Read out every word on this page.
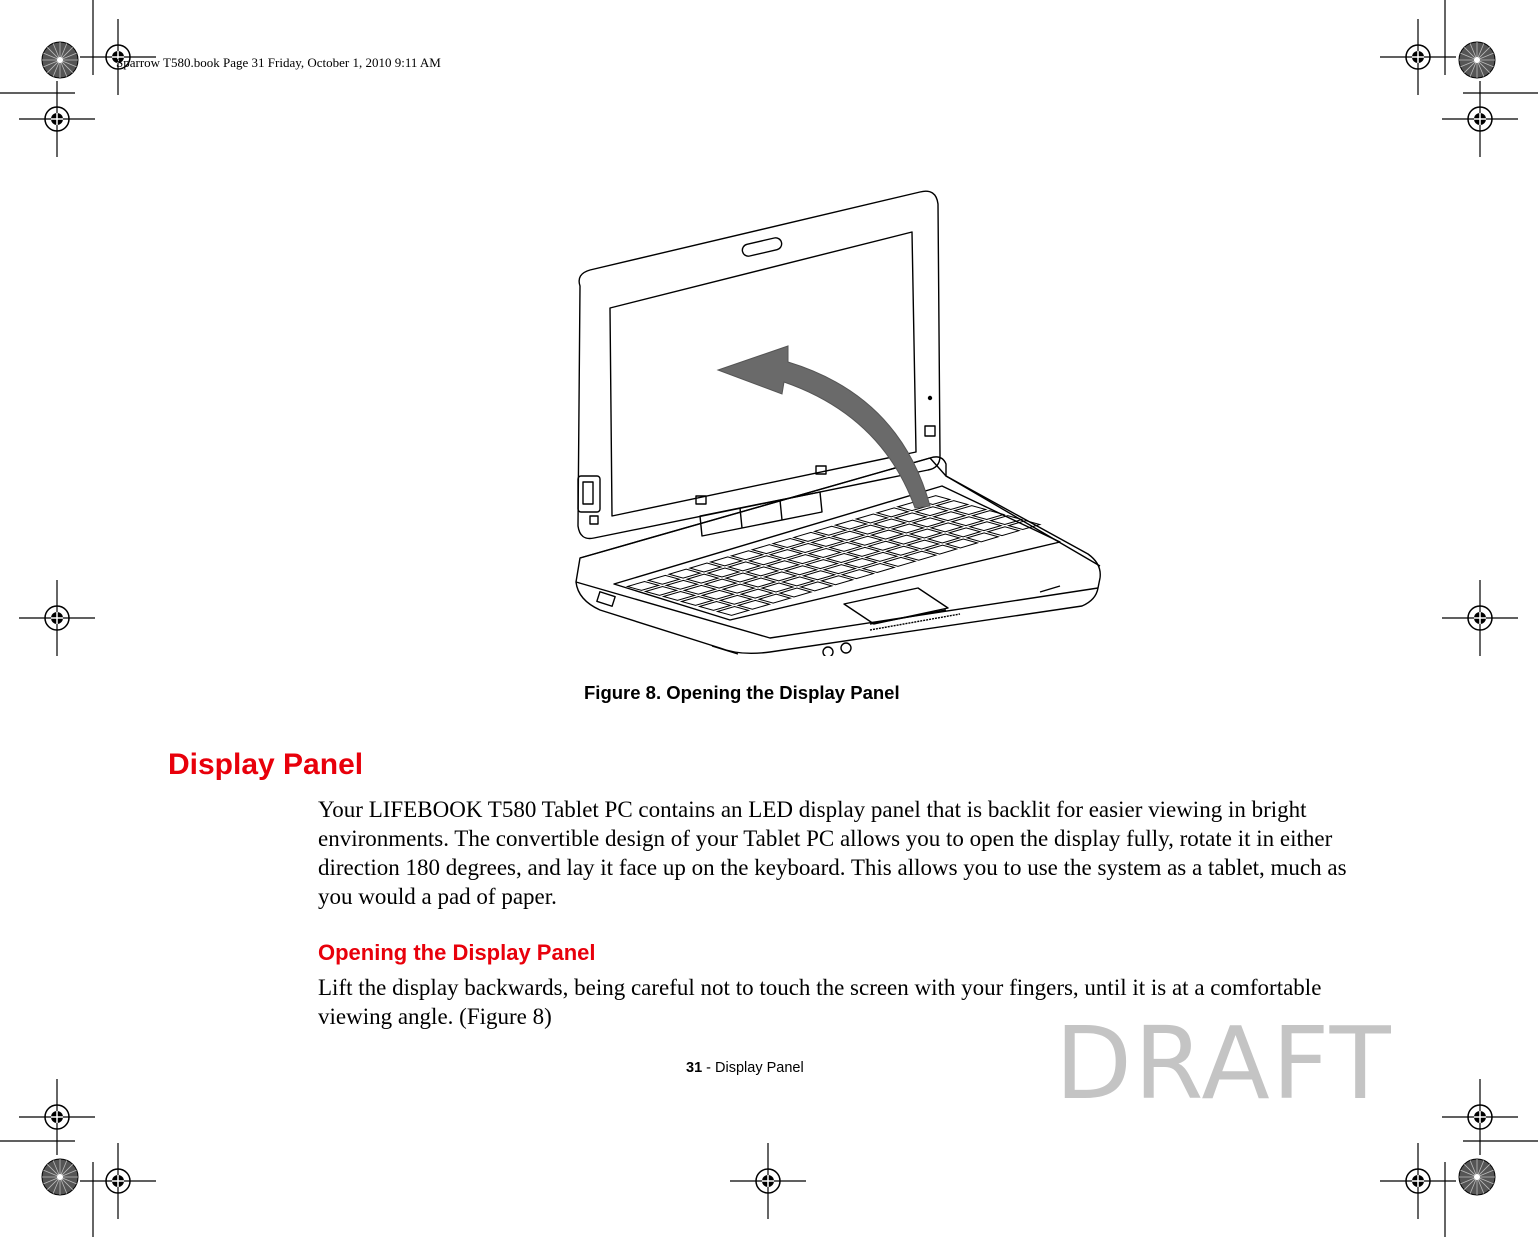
Sparrow T580.book Page 31 Friday, October 1, 2010 9:11 AM
Figure 8. Opening the Display Panel
Display Panel
Your LIFEBOOK T580 Tablet PC contains an LED display panel that is backlit for easier viewing in bright environments. The convertible design of your Tablet PC allows you to open the display fully, rotate it in either direction 180 degrees, and lay it face up on the keyboard. This allows you to use the system as a tablet, much as you would a pad of paper.
Opening the Display Panel
Lift the display backwards, being careful not to touch the screen with your fingers, until it is at a comfortable viewing angle. (Figure 8)
31 - Display Panel	DRAFT
